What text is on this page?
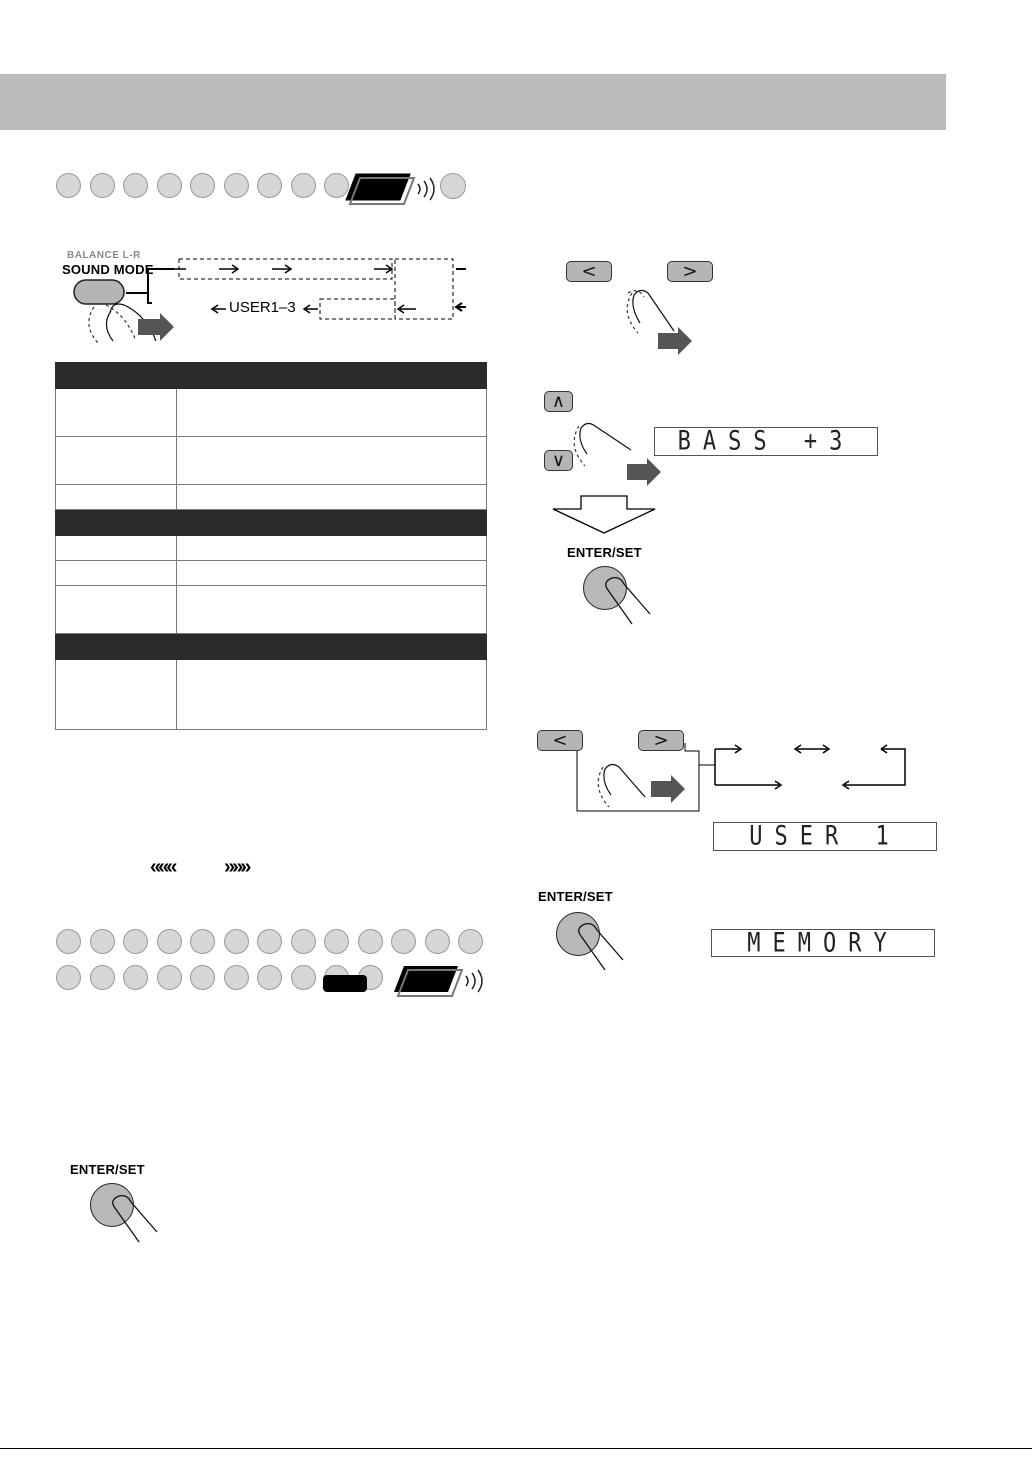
BALANCE L-R
SOUND MODE
USER1–3

««« »»»
ENTER/SET
<	>
∧
∨
BASS +3
ENTER/SET
<	>
USER 1
ENTER/SET
MEMORY
